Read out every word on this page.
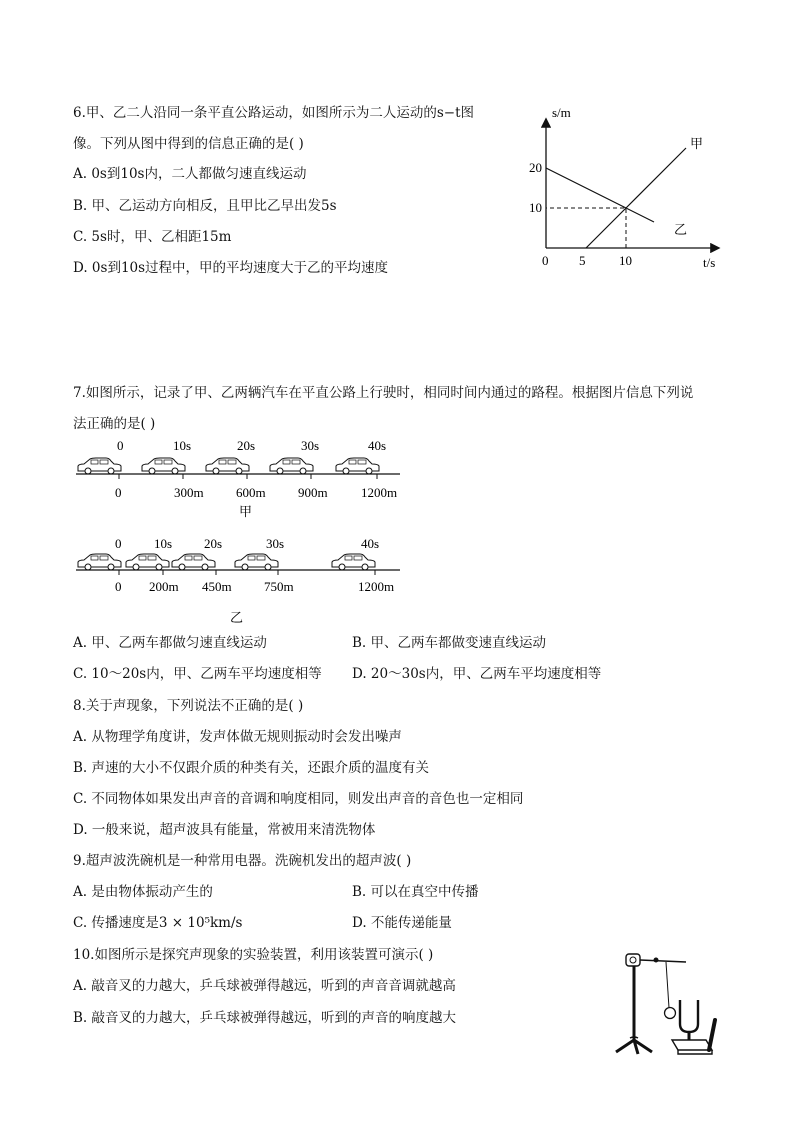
6.甲、乙二人沿同一条平直公路运动，如图所示为二人运动的s−t图
像。下列从图中得到的信息正确的是( )
A. 0s到10s内，二人都做匀速直线运动
B. 甲、乙运动方向相反，且甲比乙早出发5s
C. 5s时，甲、乙相距15m
D. 0s到10s过程中，甲的平均速度大于乙的平均速度
s/m
t/s
0 5	10
10
20
甲
乙
7.如图所示，记录了甲、乙两辆汽车在平直公路上行驶时，相同时间内通过的路程。根据图片信息下列说
法正确的是( )
0	10s	20s	30s	40s
0	300m 600m 900m	1200m
甲
0	10s 20s	30s	40s
0 200m 450m 750m	1200m
乙
A. 甲、乙两车都做匀速直线运动	B. 甲、乙两车都做变速直线运动
C. 10～20s内，甲、乙两车平均速度相等 D. 20～30s内，甲、乙两车平均速度相等
8.关于声现象，下列说法不正确的是( )
A. 从物理学角度讲，发声体做无规则振动时会发出噪声
B. 声速的大小不仅跟介质的种类有关，还跟介质的温度有关
C. 不同物体如果发出声音的音调和响度相同，则发出声音的音色也一定相同
D. 一般来说，超声波具有能量，常被用来清洗物体
9.超声波洗碗机是一种常用电器。洗碗机发出的超声波( )
A. 是由物体振动产生的	B. 可以在真空中传播
C. 传播速度是3 × 10⁵km/s	D. 不能传递能量
10.如图所示是探究声现象的实验装置，利用该装置可演示( )
A. 敲音叉的力越大，乒乓球被弹得越远，听到的声音音调就越高
B. 敲音叉的力越大，乒乓球被弹得越远，听到的声音的响度越大
